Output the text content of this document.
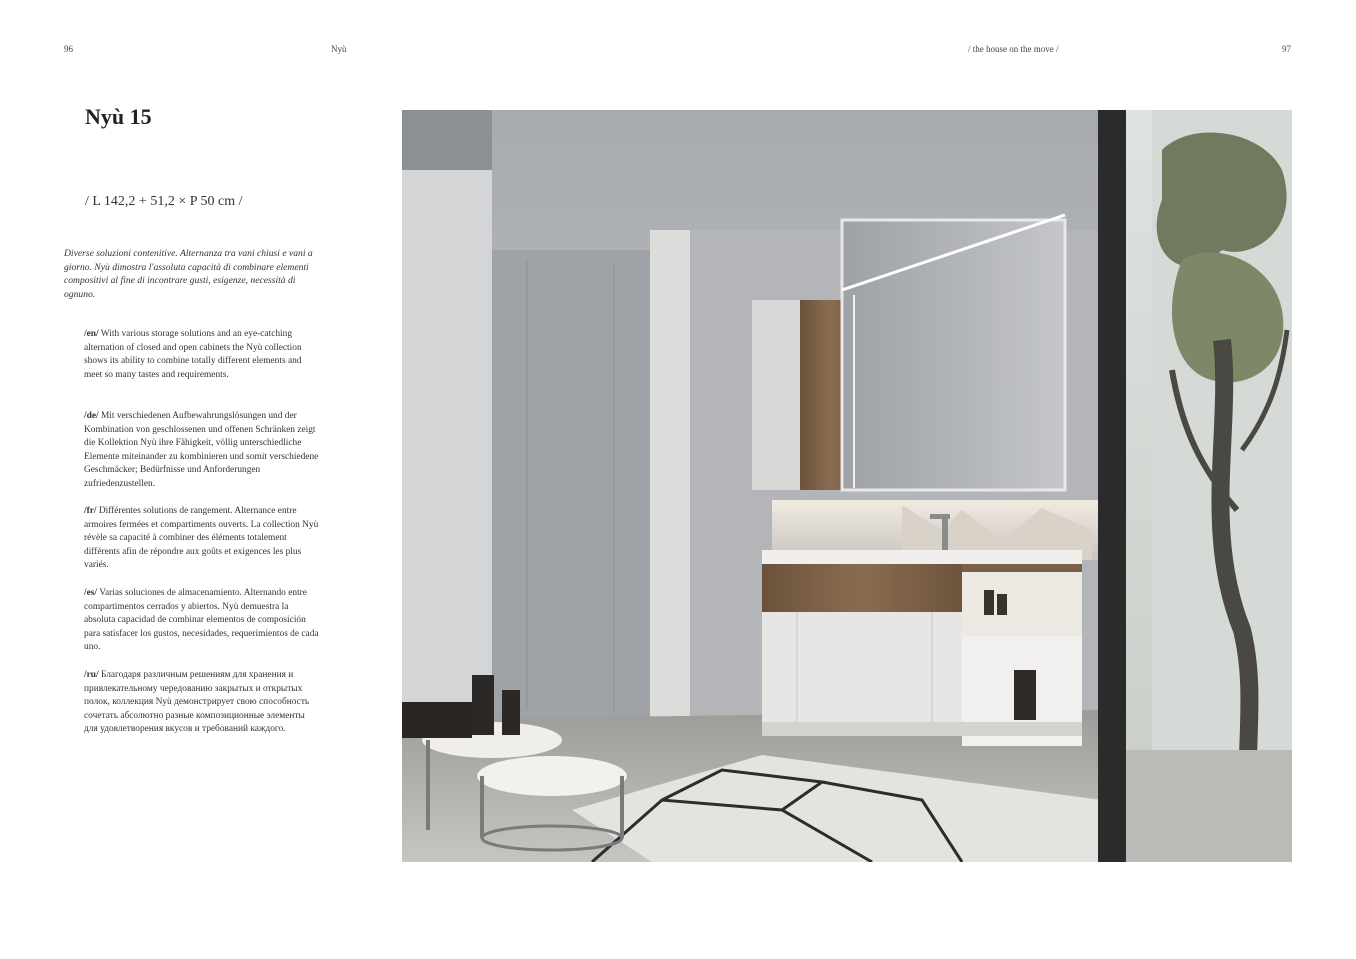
96	Nyù	/ the house on the move /	97
Nyù 15
/ L 142,2 + 51,2 × P 50 cm /
Diverse soluzioni contenitive. Alternanza tra vani chiusi e vani a giorno. Nyù dimostra l'assoluta capacità di combinare elementi compositivi al fine di incontrare gusti, esigenze, necessità di ognuno.
/en/ With various storage solutions and an eye-catching alternation of closed and open cabinets the Nyù collection shows its ability to combine totally different elements and meet so many tastes and requirements.
/de/ Mit verschiedenen Aufbewahrungslösungen und der Kombination von geschlossenen und offenen Schränken zeigt die Kollektion Nyù ihre Fähigkeit, völlig unterschiedliche Elemente miteinander zu kombinieren und somit verschiedene Geschmäcker; Bedürfnisse und Anforderungen zufriedenzustellen.
/fr/ Différentes solutions de rangement. Alternance entre armoires fermées et compartiments ouverts. La collection Nyù révèle sa capacité à combiner des éléments totalement différents afin de répondre aux goûts et exigences les plus variés.
/es/ Varias soluciones de almacenamiento. Alternando entre compartimentos cerrados y abiertos. Nyù demuestra la absoluta capacidad de combinar elementos de composición para satisfacer los gustos, necesidades, requerimientos de cada uno.
/ru/ Благодаря различным решениям для хранения и привлекательному чередованию закрытых и открытых полок, коллекция Nyù демонстрирует свою способность сочетать абсолютно разные композиционные элементы для удовлетворения вкусов и требований каждого.
